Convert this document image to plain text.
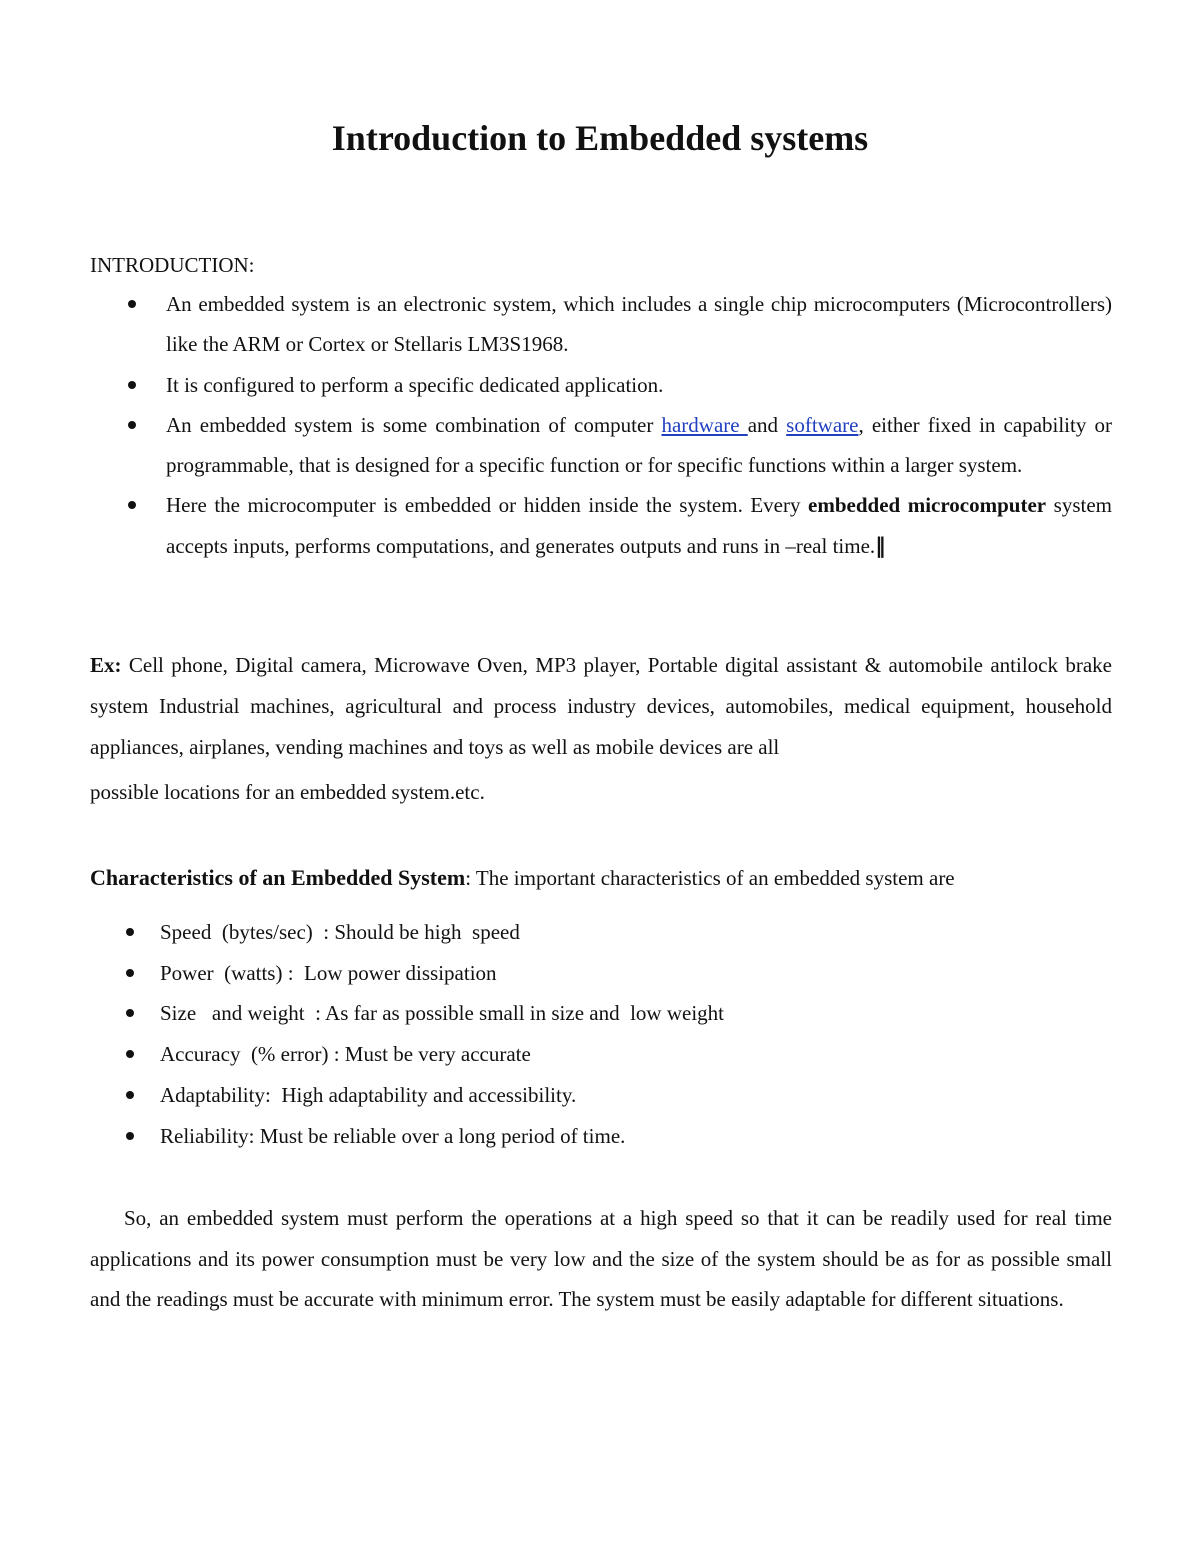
Introduction to Embedded systems
INTRODUCTION:
An embedded system is an electronic system, which includes a single chip microcomputers (Microcontrollers) like the ARM or Cortex or Stellaris LM3S1968.
It is configured to perform a specific dedicated application.
An embedded system is some combination of computer hardware and software, either fixed in capability or programmable, that is designed for a specific function or for specific functions within a larger system.
Here the microcomputer is embedded or hidden inside the system. Every embedded microcomputer system accepts inputs, performs computations, and generates outputs and runs in –real time.‖

Ex: Cell phone, Digital camera, Microwave Oven, MP3 player, Portable digital assistant & automobile antilock brake system Industrial machines, agricultural and process industry devices, automobiles, medical equipment, household appliances, airplanes, vending machines and toys as well as mobile devices are all
possible locations for an embedded system.etc.

Characteristics of an Embedded System: The important characteristics of an embedded system are

Speed  (bytes/sec)  : Should be high  speed
Power  (watts) :  Low power dissipation
Size   and weight  : As far as possible small in size and  low weight
Accuracy  (% error) : Must be very accurate
Adaptability:  High adaptability and accessibility.
Reliability: Must be reliable over a long period of time.

So, an embedded system must perform the operations at a high speed so that it can be readily used for real time applications and its power consumption must be very low and the size of the system should be as for as possible small and the readings must be accurate with minimum error. The system must be easily adaptable for different situations.
